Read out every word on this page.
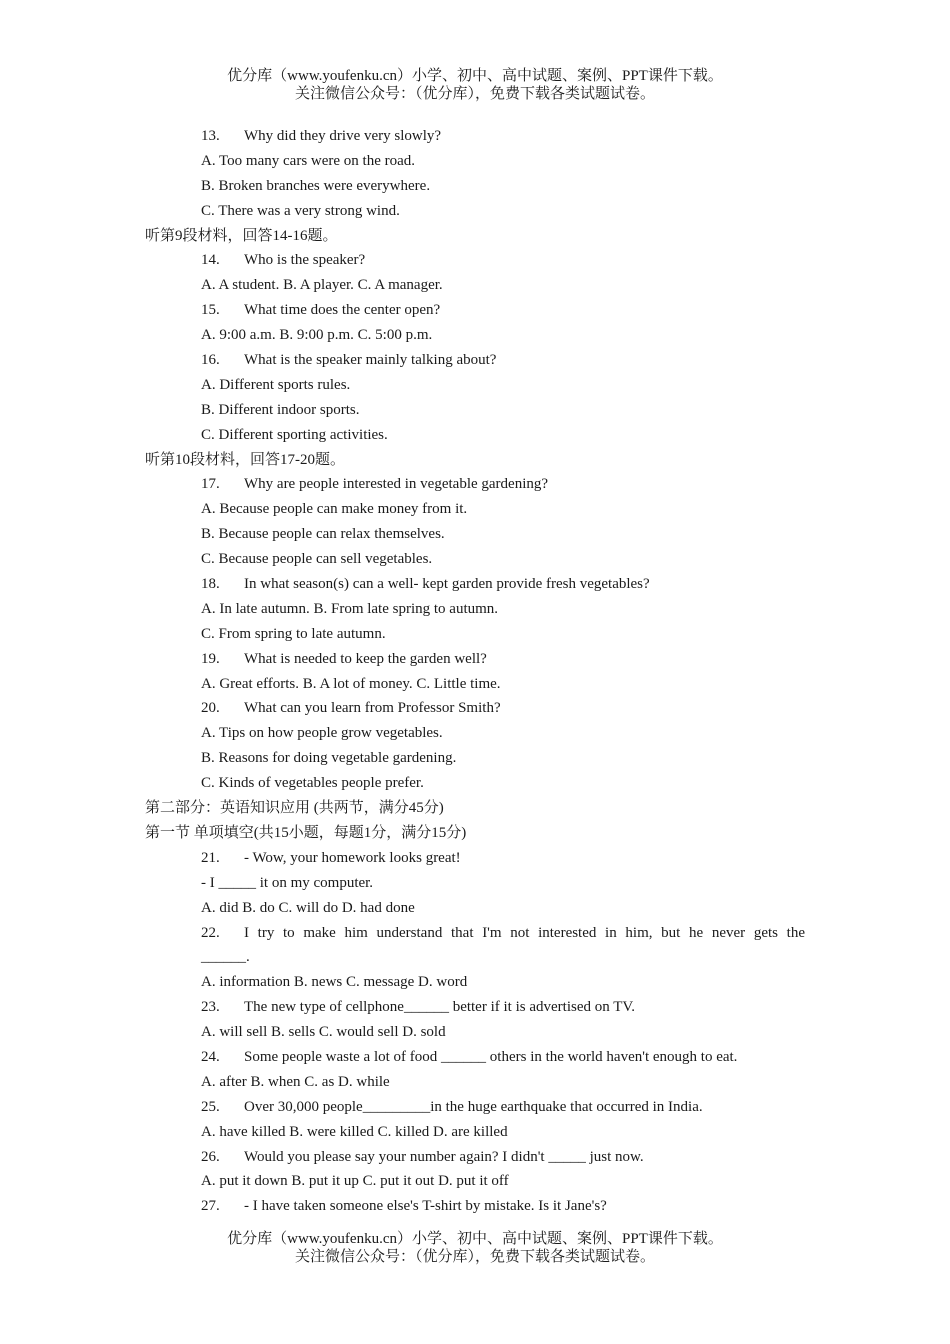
优分库（www.youfenku.cn）小学、初中、高中试题、案例、PPT课件下载。
关注微信公众号：（优分库），免费下载各类试题试卷。
13. Why did they drive very slowly?
A. Too many cars were on the road.
B. Broken branches were everywhere.
C. There was a very strong wind.
听第9段材料，回答14-16题。
14. Who is the speaker?
A. A student. B. A player. C. A manager.
15. What time does the center open?
A. 9:00 a.m. B. 9:00 p.m. C. 5:00 p.m.
16. What is the speaker mainly talking about?
A. Different sports rules.
B. Different indoor sports.
C. Different sporting activities.
听第10段材料，回答17-20题。
17. Why are people interested in vegetable gardening?
A. Because people can make money from it.
B. Because people can relax themselves.
C. Because people can sell vegetables.
18. In what season(s) can a well- kept garden provide fresh vegetables?
A. In late autumn. B. From late spring to autumn.
C. From spring to late autumn.
19. What is needed to keep the garden well?
A. Great efforts. B. A lot of money. C. Little time.
20. What can you learn from Professor Smith?
A. Tips on how people grow vegetables.
B. Reasons for doing vegetable gardening.
C. Kinds of vegetables people prefer.
第二部分：英语知识应用 (共两节，满分45分)
第一节 单项填空(共15小题，每题1分，满分15分)
21. - Wow, your homework looks great!
- I _____ it on my computer.
A. did B. do C. will do D. had done
22. I try to make him understand that I'm not interested in him, but he never gets the
______.
A. information B. news C. message D. word
23. The new type of cellphone______ better if it is advertised on TV.
A. will sell B. sells C. would sell D. sold
24. Some people waste a lot of food ______ others in the world haven't enough to eat.
A. after B. when C. as D. while
25. Over 30,000 people_________in the huge earthquake that occurred in India.
A. have killed B. were killed C. killed D. are killed
26. Would you please say your number again? I didn't _____ just now.
A. put it down B. put it up C. put it out D. put it off
27. - I have taken someone else's T-shirt by mistake. Is it Jane's?
优分库（www.youfenku.cn）小学、初中、高中试题、案例、PPT课件下载。
关注微信公众号：（优分库），免费下载各类试题试卷。
